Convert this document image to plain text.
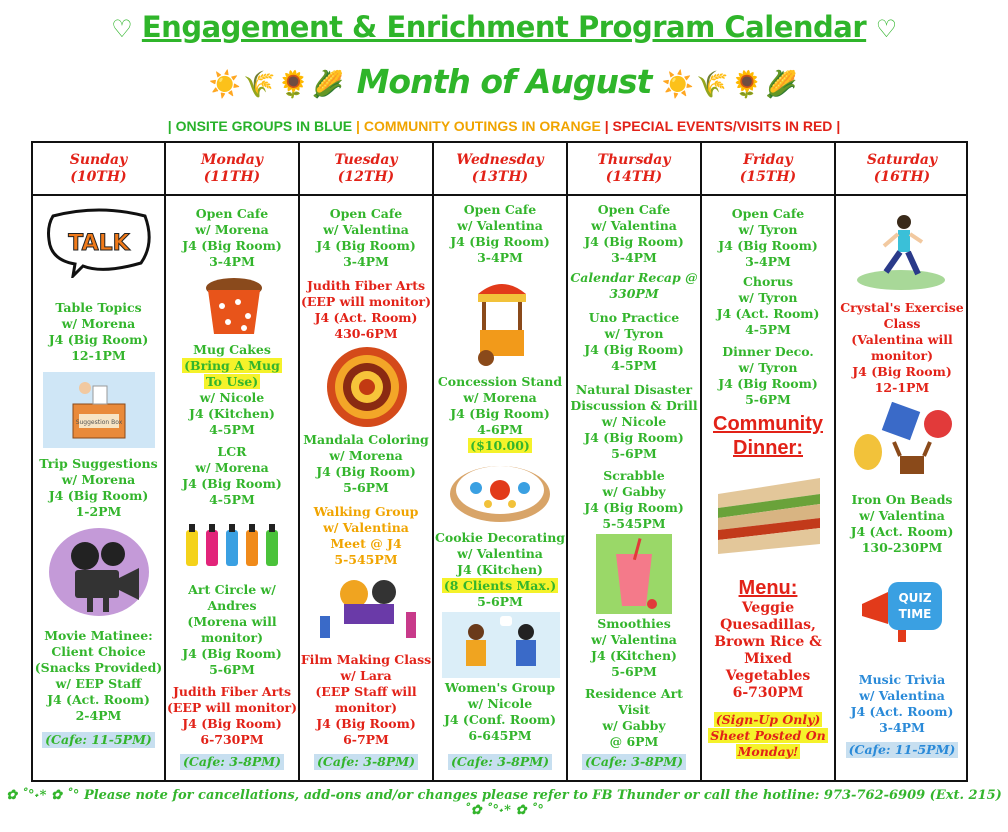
♡ Engagement & Enrichment Program Calendar ♡
☀️🌾🌻🌽 Month of August ☀️🌾🌻🌽
| ONSITE GROUPS IN BLUE | COMMUNITY OUTINGS IN ORANGE | SPECIAL EVENTS/VISITS IN RED |
Sunday
(10TH)
TALK
Table Topics
w/ Morena
J4 (Big Room)
12-1PM
Suggestion Box
Trip Suggestions
w/ Morena
J4 (Big Room)
1-2PM
Movie Matinee:
Client Choice
(Snacks Provided)
w/ EEP Staff
J4 (Act. Room)
2-4PM
(Cafe: 11-5PM)
Monday
(11TH)
Open Cafe
w/ Morena
J4 (Big Room)
3-4PM
Mug Cakes
(Bring A Mug
To Use)
w/ Nicole
J4 (Kitchen)
4-5PM
LCR
w/ Morena
J4 (Big Room)
4-5PM
Art Circle w/
Andres
(Morena will
monitor)
J4 (Big Room)
5-6PM
Judith Fiber Arts
(EEP will monitor)
J4 (Big Room)
6-730PM
(Cafe: 3-8PM)
Tuesday
(12TH)
Open Cafe
w/ Valentina
J4 (Big Room)
3-4PM
Judith Fiber Arts
(EEP will monitor)
J4 (Act. Room)
430-6PM
Mandala Coloring
w/ Morena
J4 (Big Room)
5-6PM
Walking Group
w/ Valentina
Meet @ J4
5-545PM
Film Making Class
w/ Lara
(EEP Staff will
monitor)
J4 (Big Room)
6-7PM
(Cafe: 3-8PM)
Wednesday
(13TH)
Open Cafe
w/ Valentina
J4 (Big Room)
3-4PM
Concession Stand
w/ Morena
J4 (Big Room)
4-6PM
($10.00)
Cookie Decorating
w/ Valentina
J4 (Kitchen)
(8 Clients Max.)
5-6PM
Women's Group
w/ Nicole
J4 (Conf. Room)
6-645PM
(Cafe: 3-8PM)
Thursday
(14TH)
Open Cafe
w/ Valentina
J4 (Big Room)
3-4PM
Calendar Recap @
330PM
Uno Practice
w/ Tyron
J4 (Big Room)
4-5PM
Natural Disaster
Discussion & Drill
w/ Nicole
J4 (Big Room)
5-6PM
Scrabble
w/ Gabby
J4 (Big Room)
5-545PM
Smoothies
w/ Valentina
J4 (Kitchen)
5-6PM
Residence Art
Visit
w/ Gabby
@ 6PM
(Cafe: 3-8PM)
Friday
(15TH)
Open Cafe
w/ Tyron
J4 (Big Room)
3-4PM
Chorus
w/ Tyron
J4 (Act. Room)
4-5PM
Dinner Deco.
w/ Tyron
J4 (Big Room)
5-6PM
Community
Dinner:
Menu:
Veggie
Quesadillas,
Brown Rice &
Mixed
Vegetables
6-730PM
(Sign-Up Only)
Sheet Posted On
Monday!
Saturday
(16TH)
Crystal's Exercise
Class
(Valentina will
monitor)
J4 (Big Room)
12-1PM
Iron On Beads
w/ Valentina
J4 (Act. Room)
130-230PM
QUIZ
TIME
Music Trivia
w/ Valentina
J4 (Act. Room)
3-4PM
(Cafe: 11-5PM)
✿ ˚°˖* ✿ ˚° Please note for cancellations, add-ons and/or changes please refer to FB Thunder or call the hotline: 973-762-6909 (Ext. 215) ˚✿ ˚°˖* ✿ ˚°
